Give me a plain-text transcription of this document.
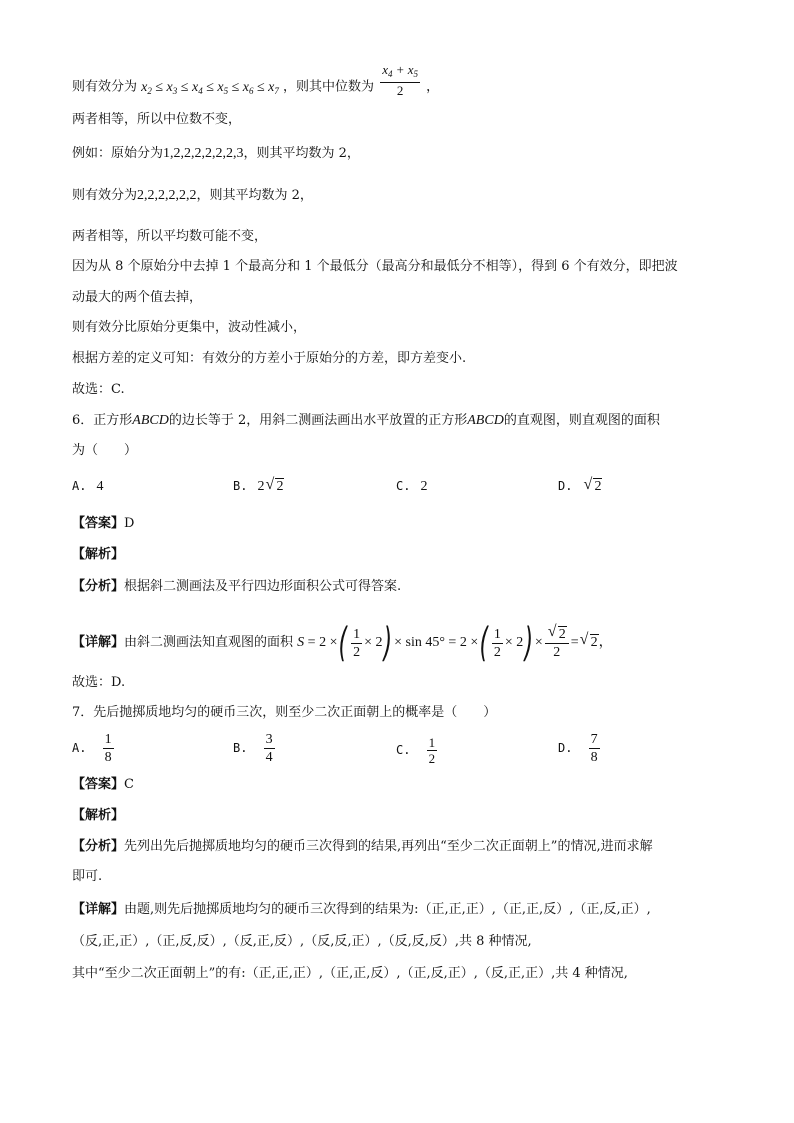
则有效分为 $x_2 \le x_3 \le x_4 \le x_5 \le x_6 \le x_7$ ，则其中位数为 $\frac{x_4 + x_5}{2}$ ，
两者相等，所以中位数不变，
例如：原始分为1,2,2,2,2,2,2,3，则其平均数为 2，
则有效分为2,2,2,2,2,2，则其平均数为 2，
两者相等，所以平均数可能不变，
因为从 8 个原始分中去掉 1 个最高分和 1 个最低分（最高分和最低分不相等），得到 6 个有效分，即把波
动最大的两个值去掉，
则有效分比原始分更集中，波动性减小，
根据方差的定义可知：有效分的方差小于原始分的方差，即方差变小.
故选：C.
6．正方形ABCD的边长等于 2，用斜二测画法画出水平放置的正方形ABCD的直观图，则直观图的面积
为（　　）
A. 4	B. 2 √ 2	C. 2	D. √ 2
【答案】D
【解析】
【分析】根据斜二测画法及平行四边形面积公式可得答案.
【详解】由斜二测画法知直观图的面积 S = 2 ×( $\frac{1}{2} \times 2) \times \sin 45^\circ = 2$ ×( $\frac{1}{2} \times 2$) × √ $\frac{2}{2}$ = √ 2，
故选：D.
7．先后抛掷质地均匀的硬币三次，则至少二次正面朝上的概率是（　　）
A. $\frac{1}{8}$	B. $\frac{3}{4}$	C. $\frac{1}{2}$	D. $\frac{7}{8}$
【答案】C
【解析】
【分析】先列出先后抛掷质地均匀的硬币三次得到的结果,再列出“至少二次正面朝上”的情况,进而求解
即可.
【详解】由题,则先后抛掷质地均匀的硬币三次得到的结果为:（正,正,正）,（正,正,反）,（正,反,正）,
（反,正,正）,（正,反,反）,（反,正,反）,（反,反,正）,（反,反,反）,共 8 种情况,
其中“至少二次正面朝上”的有:（正,正,正）,（正,正,反）,（正,反,正）,（反,正,正）,共 4 种情况,
